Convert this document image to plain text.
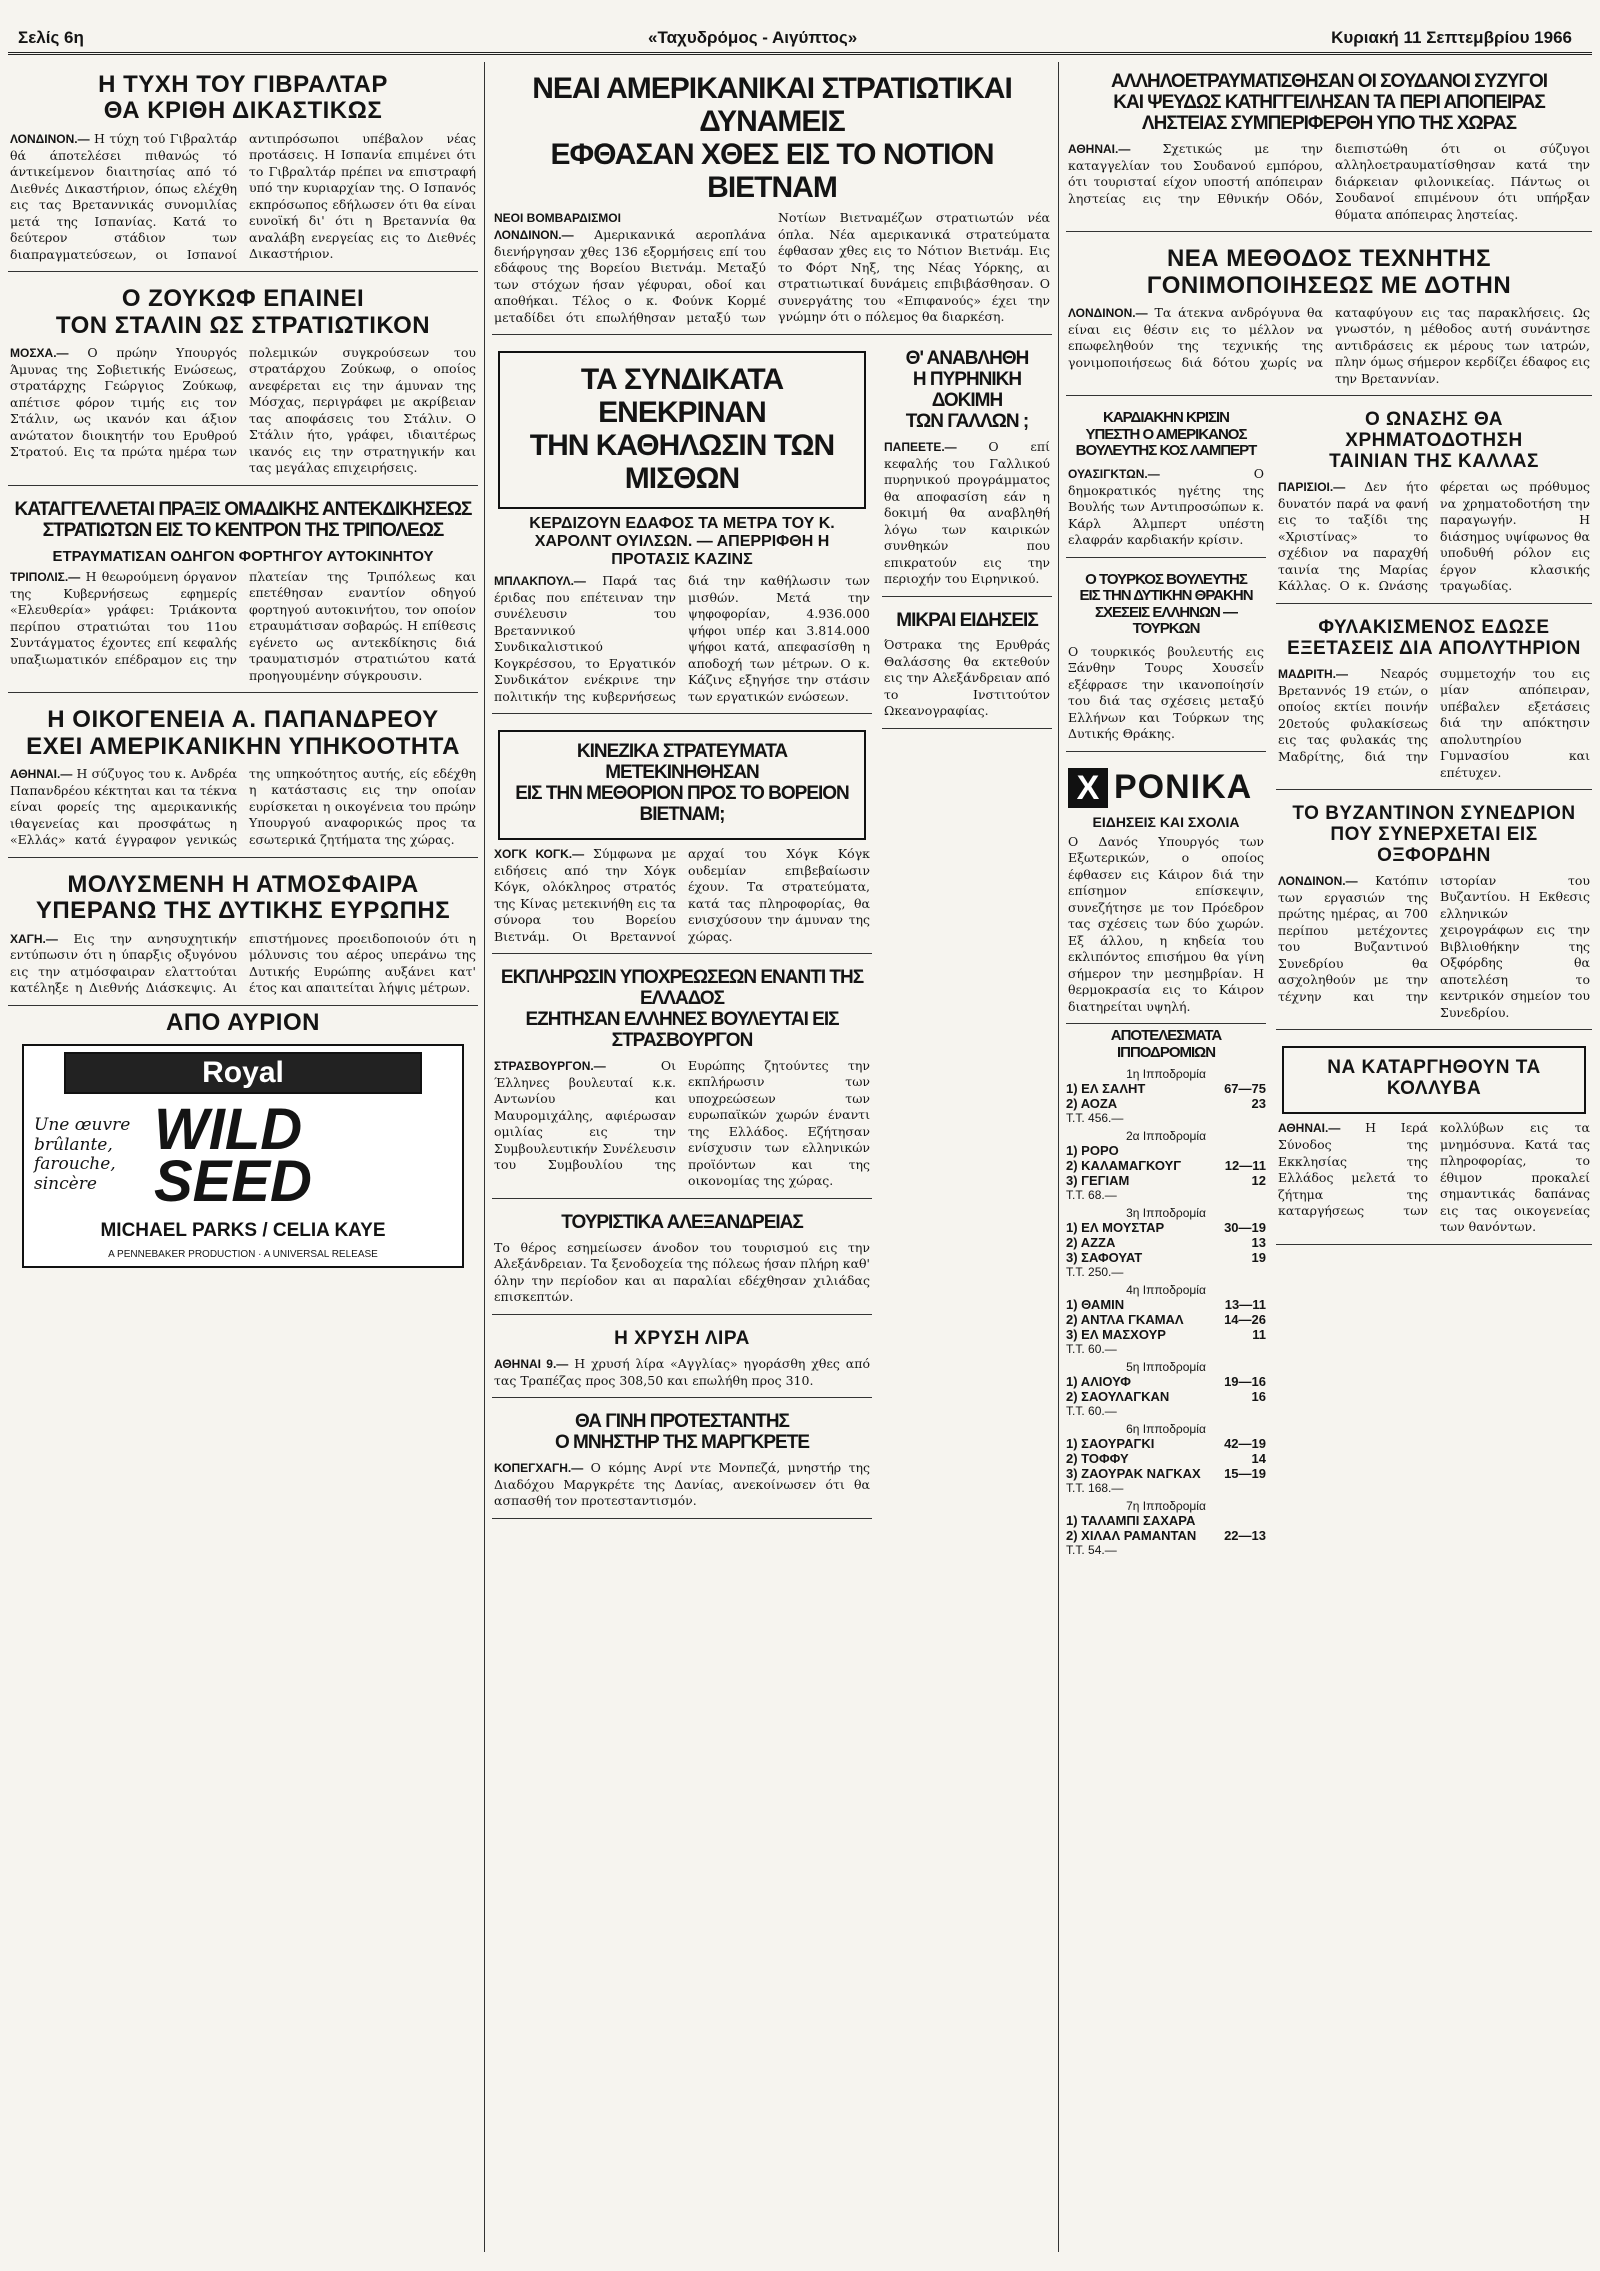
Σελίς 6η	«Ταχυδρόμος - Αιγύπτος»	Κυριακή 11 Σεπτεμβρίου 1966
Η ΤΥΧΗ ΤΟΥ ΓΙΒΡΑΛΤΑΡ
ΘΑ ΚΡΙΘΗ ΔΙΚΑΣΤΙΚΩΣ
ΛΟΝΔΙΝΟΝ.— Η τύχη τού Γιβραλτάρ θά άποτελέσει πιθανώς τό άντικείμενον διαιτησίας από τό Διεθνές Δικαστήριον, όπως ελέχθη εις τας Βρεταννικάς συνομιλίας μετά της Ισπανίας. Κατά το δεύτερον στάδιον των διαπραγματεύσεων, οι Ισπανοί αντιπρόσωποι υπέβαλον νέας προτάσεις. Η Ισπανία επιμένει ότι το Γιβραλτάρ πρέπει να επιστραφή υπό την κυριαρχίαν της. Ο Ισπανός εκπρόσωπος εδήλωσεν ότι θα είναι ευνοϊκή δι' ότι η Βρεταννία θα αναλάβη ενεργείας εις το Διεθνές Δικαστήριον.
Ο ΖΟΥΚΩΦ ΕΠΑΙΝΕΙ
ΤΟΝ ΣΤΑΛΙΝ ΩΣ ΣΤΡΑΤΙΩΤΙΚΟΝ
ΜΟΣΧΑ.— Ο πρώην Υπουργός Άμυνας της Σοβιετικής Ενώσεως, στρατάρχης Γεώργιος Ζούκωφ, απέτισε φόρον τιμής εις τον Στάλιν, ως ικανόν και άξιον ανώτατον διοικητήν του Ερυθρού Στρατού. Εις τα πρώτα ημέρα των πολεμικών συγκρούσεων του στρατάρχου Ζούκωφ, ο οποίος ανεφέρεται εις την άμυναν της Μόσχας, περιγράφει με ακρίβειαν τας αποφάσεις του Στάλιν. Ο Στάλιν ήτο, γράφει, ιδιαιτέρως ικανός εις την στρατηγικήν και τας μεγάλας επιχειρήσεις.
ΚΑΤΑΓΓΕΛΛΕΤΑΙ ΠΡΑΞΙΣ ΟΜΑΔΙΚΗΣ ΑΝΤΕΚΔΙΚΗΣΕΩΣ
ΣΤΡΑΤΙΩΤΩΝ ΕΙΣ ΤΟ ΚΕΝΤΡΟΝ ΤΗΣ ΤΡΙΠΟΛΕΩΣ
ΕΤΡΑΥΜΑΤΙΣΑΝ ΟΔΗΓΟΝ ΦΟΡΤΗΓΟΥ ΑΥΤΟΚΙΝΗΤΟΥ
ΤΡΙΠΟΛΙΣ.— Η θεωρούμενη όργανον της Κυβερνήσεως εφημερίς «Ελευθερία» γράφει: Τριάκοντα περίπου στρατιώται του 11ου Συντάγματος έχοντες επί κεφαλής υπαξιωματικόν επέδραμον εις την πλατείαν της Τριπόλεως και επετέθησαν εναντίον οδηγού φορτηγού αυτοκινήτου, τον οποίον ετραυμάτισαν σοβαρώς. Η επίθεσις εγένετο ως αντεκδίκησις διά τραυματισμόν στρατιώτου κατά προηγουμένην σύγκρουσιν.
Η ΟΙΚΟΓΕΝΕΙΑ Α. ΠΑΠΑΝΔΡΕΟΥ
ΕΧΕΙ ΑΜΕΡΙΚΑΝΙΚΗΝ ΥΠΗΚΟΟΤΗΤΑ
ΑΘΗΝΑΙ.— Η σύζυγος του κ. Ανδρέα Παπανδρέου κέκτηται και τα τέκνα είναι φορείς της αμερικανικής ιθαγενείας και προσφάτως η «Ελλάς» κατά έγγραφον γενικώς της υπηκοότητος αυτής, είς εδέχθη η κατάστασις εις την οποίαν ευρίσκεται η οικογένεια του πρώην Υπουργού αναφορικώς προς τα εσωτερικά ζητήματα της χώρας.
ΜΟΛΥΣΜΕΝΗ Η ΑΤΜΟΣΦΑΙΡΑ
ΥΠΕΡΑΝΩ ΤΗΣ ΔΥΤΙΚΗΣ ΕΥΡΩΠΗΣ
ΧΑΓΗ.— Εις την ανησυχητικήν εντύπωσιν ότι η ύπαρξις οξυγόνου εις την ατμόσφαιραν ελαττούται κατέληξε η Διεθνής Διάσκεψις. Αι επιστήμονες προειδοποιούν ότι η μόλυνσις του αέρος υπεράνω της Δυτικής Ευρώπης αυξάνει κατ' έτος και απαιτείται λήψις μέτρων.
ΑΠΟ ΑΥΡΙΟΝ
Royal
Une œuvre brûlante, farouche, sincère
WILD SEED
MICHAEL PARKS / CELIA KAYE
A PENNEBAKER PRODUCTION · A UNIVERSAL RELEASE
ΝΕΑΙ ΑΜΕΡΙΚΑΝΙΚΑΙ ΣΤΡΑΤΙΩΤΙΚΑΙ ΔΥΝΑΜΕΙΣ
ΕΦΘΑΣΑΝ ΧΘΕΣ ΕΙΣ ΤΟ ΝΟΤΙΟΝ ΒΙΕΤΝΑΜ
ΝΕΟΙ ΒΟΜΒΑΡΔΙΣΜΟΙ
ΛΟΝΔΙΝΟΝ.— Αμερικανικά αεροπλάνα διενήργησαν χθες 136 εξορμήσεις επί του εδάφους της Βορείου Βιετνάμ. Μεταξύ των στόχων ήσαν γέφυραι, οδοί και αποθήκαι. Τέλος ο κ. Φούνκ Κορμέ μεταδίδει ότι επωλήθησαν μεταξύ των Νοτίων Βιετναμέζων στρατιωτών νέα όπλα. Νέα αμερικανικά στρατεύματα έφθασαν χθες εις το Νότιον Βιετνάμ. Εις το Φόρτ Νηξ, της Νέας Υόρκης, αι στρατιωτικαί δυνάμεις επιβιβάσθησαν. Ο συνεργάτης του «Επιφανούς» έχει την γνώμην ότι ο πόλεμος θα διαρκέση.
ΤΑ ΣΥΝΔΙΚΑΤΑ ΕΝΕΚΡΙΝΑΝ
ΤΗΝ ΚΑΘΗΛΩΣΙΝ ΤΩΝ ΜΙΣΘΩΝ
ΚΕΡΔΙΖΟΥΝ ΕΔΑΦΟΣ ΤΑ ΜΕΤΡΑ ΤΟΥ Κ. ΧΑΡΟΛΝΤ ΟΥΙΛΣΩΝ. — ΑΠΕΡΡΙΦΘΗ Η ΠΡΟΤΑΣΙΣ ΚΑΖΙΝΣ
ΜΠΛΑΚΠΟΥΛ.— Παρά τας έριδας που επέτειναν την συνέλευσιν του Βρεταννικού Συνδικαλιστικού Κογκρέσσου, το Εργατικόν Συνδικάτον ενέκρινε την πολιτικήν της κυβερνήσεως διά την καθήλωσιν των μισθών. Μετά την ψηφοφορίαν, 4.936.000 ψήφοι υπέρ και 3.814.000 ψήφοι κατά, απεφασίσθη η αποδοχή των μέτρων. Ο κ. Κάζινς εξηγήσε την στάσιν των εργατικών ενώσεων.
ΚΙΝΕΖΙΚΑ ΣΤΡΑΤΕΥΜΑΤΑ ΜΕΤΕΚΙΝΗΘΗΣΑΝ
ΕΙΣ ΤΗΝ ΜΕΘΟΡΙΟΝ ΠΡΟΣ ΤΟ ΒΟΡΕΙΟΝ ΒΙΕΤΝΑΜ;
ΧΟΓΚ ΚΟΓΚ.— Σύμφωνα με ειδήσεις από την Χόγκ Κόγκ, ολόκληρος στρατός της Κίνας μετεκινήθη εις τα σύνορα του Βορείου Βιετνάμ. Οι Βρεταννοί αρχαί του Χόγκ Κόγκ ουδεμίαν επιβεβαίωσιν έχουν. Τα στρατεύματα, κατά τας πληροφορίας, θα ενισχύσουν την άμυναν της χώρας.
ΕΚΠΛΗΡΩΣΙΝ ΥΠΟΧΡΕΩΣΕΩΝ ΕΝΑΝΤΙ ΤΗΣ ΕΛΛΑΔΟΣ
ΕΖΗΤΗΣΑΝ ΕΛΛΗΝΕΣ ΒΟΥΛΕΥΤΑΙ ΕΙΣ ΣΤΡΑΣΒΟΥΡΓΟΝ
ΣΤΡΑΣΒΟΥΡΓΟΝ.—	Οι Έλληνες βουλευταί κ.κ. Αντωνίου και Μαυρομιχάλης, αφιέρωσαν ομιλίας εις την Συμβουλευτικήν Συνέλευσιν του Συμβουλίου της Ευρώπης ζητούντες την εκπλήρωσιν των υποχρεώσεων των ευρωπαϊκών χωρών έναντι της Ελλάδος. Εζήτησαν ενίσχυσιν των ελληνικών προϊόντων και της οικονομίας της χώρας.
ΤΟΥΡΙΣΤΙΚΑ ΑΛΕΞΑΝΔΡΕΙΑΣ
Το θέρος εσημείωσεν άνοδον του τουρισμού εις την Αλεξάνδρειαν. Τα ξενοδοχεία της πόλεως ήσαν πλήρη καθ' όλην την περίοδον και αι παραλίαι εδέχθησαν χιλιάδας επισκεπτών.
Η ΧΡΥΣΗ ΛΙΡΑ
ΑΘΗΝΑΙ 9.— Η χρυσή λίρα «Αγγλίας» ηγοράσθη χθες από τας Τραπέζας προς 308,50 και επωλήθη προς 310.
ΘΑ ΓΙΝΗ ΠΡΟΤΕΣΤΑΝΤΗΣ
Ο ΜΝΗΣΤΗΡ ΤΗΣ ΜΑΡΓΚΡΕΤΕ
ΚΟΠΕΓΧΑΓΗ.— Ο κόμης Ανρί ντε Μονπεζά, μνηστήρ της Διαδόχου Μαργκρέτε της Δανίας, ανεκοίνωσεν ότι θα ασπασθή τον προτεσταντισμόν.
Θ' ΑΝΑΒΛΗΘΗ
Η ΠΥΡΗΝΙΚΗ ΔΟΚΙΜΗ
ΤΩΝ ΓΑΛΛΩΝ ;
ΠΑΠΕΕΤΕ.—	Ο επί κεφαλής του Γαλλικού πυρηνικού προγράμματος θα αποφασίση εάν η δοκιμή θα αναβληθή λόγω των καιρικών συνθηκών που επικρατούν εις την περιοχήν του Ειρηνικού.
ΜΙΚΡΑΙ ΕΙΔΗΣΕΙΣ
Όστρακα της Ερυθράς Θαλάσσης θα εκτεθούν εις την Αλεξάνδρειαν από το Ινστιτούτον Ωκεανογραφίας.
ΑΛΛΗΛΟΕΤΡΑΥΜΑΤΙΣΘΗΣΑΝ ΟΙ ΣΟΥΔΑΝΟΙ ΣΥΖΥΓΟΙ
ΚΑΙ ΨΕΥΔΩΣ ΚΑΤΗΓΓΕΙΛΗΣΑΝ ΤΑ ΠΕΡΙ ΑΠΟΠΕΙΡΑΣ
ΛΗΣΤΕΙΑΣ ΣΥΜΠΕΡΙΦΕΡΘΗ ΥΠΟ ΤΗΣ ΧΩΡΑΣ
ΑΘΗΝΑΙ.—	Σχετικώς με την καταγγελίαν του Σουδανού εμπόρου, ότι τουρισταί είχον υποστή απόπειραν ληστείας εις την Εθνικήν Οδόν, διεπιστώθη ότι οι σύζυγοι αλληλοετραυματίσθησαν κατά την διάρκειαν φιλονικείας. Πάντως οι Σουδανοί επιμένουν ότι υπήρξαν θύματα απόπειρας ληστείας.
ΝΕΑ ΜΕΘΟΔΟΣ ΤΕΧΝΗΤΗΣ
ΓΟΝΙΜΟΠΟΙΗΣΕΩΣ ΜΕ ΔΟΤΗΝ
ΛΟΝΔΙΝΟΝ.— Τα άτεκνα ανδρόγυνα θα είναι εις θέσιν εις το μέλλον να επωφεληθούν της τεχνικής της γονιμοποιήσεως διά δότου χωρίς να καταφύγουν εις τας παρακλήσεις. Ως γνωστόν, η μέθοδος αυτή συνάντησε αντιδράσεις εκ μέρους των ιατρών, πλην όμως σήμερον κερδίζει έδαφος εις την Βρεταννίαν.
ΚΑΡΔΙΑΚΗΝ ΚΡΙΣΙΝ
ΥΠΕΣΤΗ Ο ΑΜΕΡΙΚΑΝΟΣ
ΒΟΥΛΕΥΤΗΣ ΚΟΣ ΛΑΜΠΕΡΤ
ΟΥΑΣΙΓΚΤΩΝ.—	Ο δημοκρατικός ηγέτης της Βουλής των Αντιπροσώπων κ. Κάρλ Άλμπερτ υπέστη ελαφράν καρδιακήν κρίσιν.
Ο ΤΟΥΡΚΟΣ ΒΟΥΛΕΥΤΗΣ
ΕΙΣ ΤΗΝ ΔΥΤΙΚΗΝ ΘΡΑΚΗΝ
ΣΧΕΣΕΙΣ ΕΛΛΗΝΩΝ — ΤΟΥΡΚΩΝ
Ο τουρκικός βουλευτής εις Ξάνθην Τουρς Χουσεΐν εξέφρασε την ικανοποίησίν του διά τας σχέσεις μεταξύ Ελλήνων και Τούρκων της Δυτικής Θράκης.
X ΡΟΝΙΚΑ
ΕΙΔΗΣΕΙΣ ΚΑΙ ΣΧΟΛΙΑ
Ο Δανός Υπουργός των Εξωτερικών, ο οποίος έφθασεν εις Κάιρον διά την επίσημον επίσκεψιν, συνεζήτησε με τον Πρόεδρον τας σχέσεις των δύο χωρών. Εξ άλλου, η κηδεία του εκλιπόντος επισήμου θα γίνη σήμερον την μεσημβρίαν. Η θερμοκρασία εις το Κάιρον διατηρείται υψηλή.
ΑΠΟΤΕΛΕΣΜΑΤΑ ΙΠΠΟΔΡΟΜΙΩΝ
1η Ιπποδρομία
1) ΕΛ ΣΑΛΗΤ	67—75
2) ΑΟΖΑ	23
Τ.Τ. 456.—
2α Ιπποδρομία
1) ΡΟΡΟ
2) ΚΑΛΑΜΑΓΚΟΥΓ	12—11
3) ΓΕΓΙΑΜ	12
Τ.Τ. 68.—
3η Ιπποδρομία
1) ΕΛ ΜΟΥΣΤΑΡ	30—19
2) ΑΖΖΑ	13
3) ΣΑΦΟΥΑΤ	19
Τ.Τ. 250.—
4η Ιπποδρομία
1) ΘΑΜΙΝ	13—11
2) ΑΝΤΛΑ ΓΚΑΜΑΛ	14—26
3) ΕΛ ΜΑΣΧΟΥΡ	11
Τ.Τ. 60.—
5η Ιπποδρομία
1) ΑΛΙΟΥΦ	19—16
2) ΣΑΟΥΛΑΓΚΑΝ	16
Τ.Τ. 60.—
6η Ιπποδρομία
1) ΣΑΟΥΡΑΓΚΙ	42—19
2) ΤΟΦΦΥ	14
3) ΖΑΟΥΡΑΚ ΝΑΓΚΑΧ 15—19
Τ.Τ. 168.—
7η Ιπποδρομία
1) ΤΑΛΑΜΠΙ ΣΑΧΑΡΑ
2) ΧΙΛΑΛ ΡΑΜΑΝΤΑΝ 22—13
Τ.Τ. 54.—
Ο ΩΝΑΣΗΣ ΘΑ ΧΡΗΜΑΤΟΔΟΤΗΣΗ
ΤΑΙΝΙΑΝ ΤΗΣ ΚΑΛΛΑΣ
ΠΑΡΙΣΙΟΙ.— Δεν ήτο δυνατόν παρά να φανή εις το ταξίδι της «Χριστίνας» το σχέδιον να παραχθή ταινία της Μαρίας Κάλλας. Ο κ. Ωνάσης φέρεται ως πρόθυμος να χρηματοδοτήση την παραγωγήν. Η διάσημος υψίφωνος θα υποδυθή ρόλον εις έργον κλασικής τραγωδίας.
ΦΥΛΑΚΙΣΜΕΝΟΣ ΕΔΩΣΕ
ΕΞΕΤΑΣΕΙΣ ΔΙΑ ΑΠΟΛΥΤΗΡΙΟΝ
ΜΑΔΡΙΤΗ.—	Νεαρός Βρεταννός 19 ετών, ο οποίος εκτίει ποινήν 20ετούς φυλακίσεως εις τας φυλακάς της Μαδρίτης, διά την συμμετοχήν του εις μίαν απόπειραν, υπέβαλεν εξετάσεις διά την απόκτησιν απολυτηρίου Γυμνασίου και επέτυχεν.
ΤΟ ΒΥΖΑΝΤΙΝΟΝ ΣΥΝΕΔΡΙΟΝ
ΠΟΥ ΣΥΝΕΡΧΕΤΑΙ ΕΙΣ ΟΞΦΟΡΔΗΝ
ΛΟΝΔΙΝΟΝ.— Κατόπιν των εργασιών της πρώτης ημέρας, αι 700 περίπου μετέχοντες του Βυζαντινού Συνεδρίου θα ασχοληθούν με την τέχνην και την ιστορίαν του Βυζαντίου. Η Εκθεσις ελληνικών χειρογράφων εις την Βιβλιοθήκην της Οξφόρδης θα αποτελέση το κεντρικόν σημείον του Συνεδρίου.
ΝΑ ΚΑΤΑΡΓΗΘΟΥΝ ΤΑ ΚΟΛΛΥΒΑ
ΑΘΗΝΑΙ.— Η Ιερά Σύνοδος της Εκκλησίας της Ελλάδος μελετά το ζήτημα της καταργήσεως των κολλύβων εις τα μνημόσυνα. Κατά τας πληροφορίας, το έθιμον προκαλεί σημαντικάς δαπάνας εις τας οικογενείας των θανόντων.
